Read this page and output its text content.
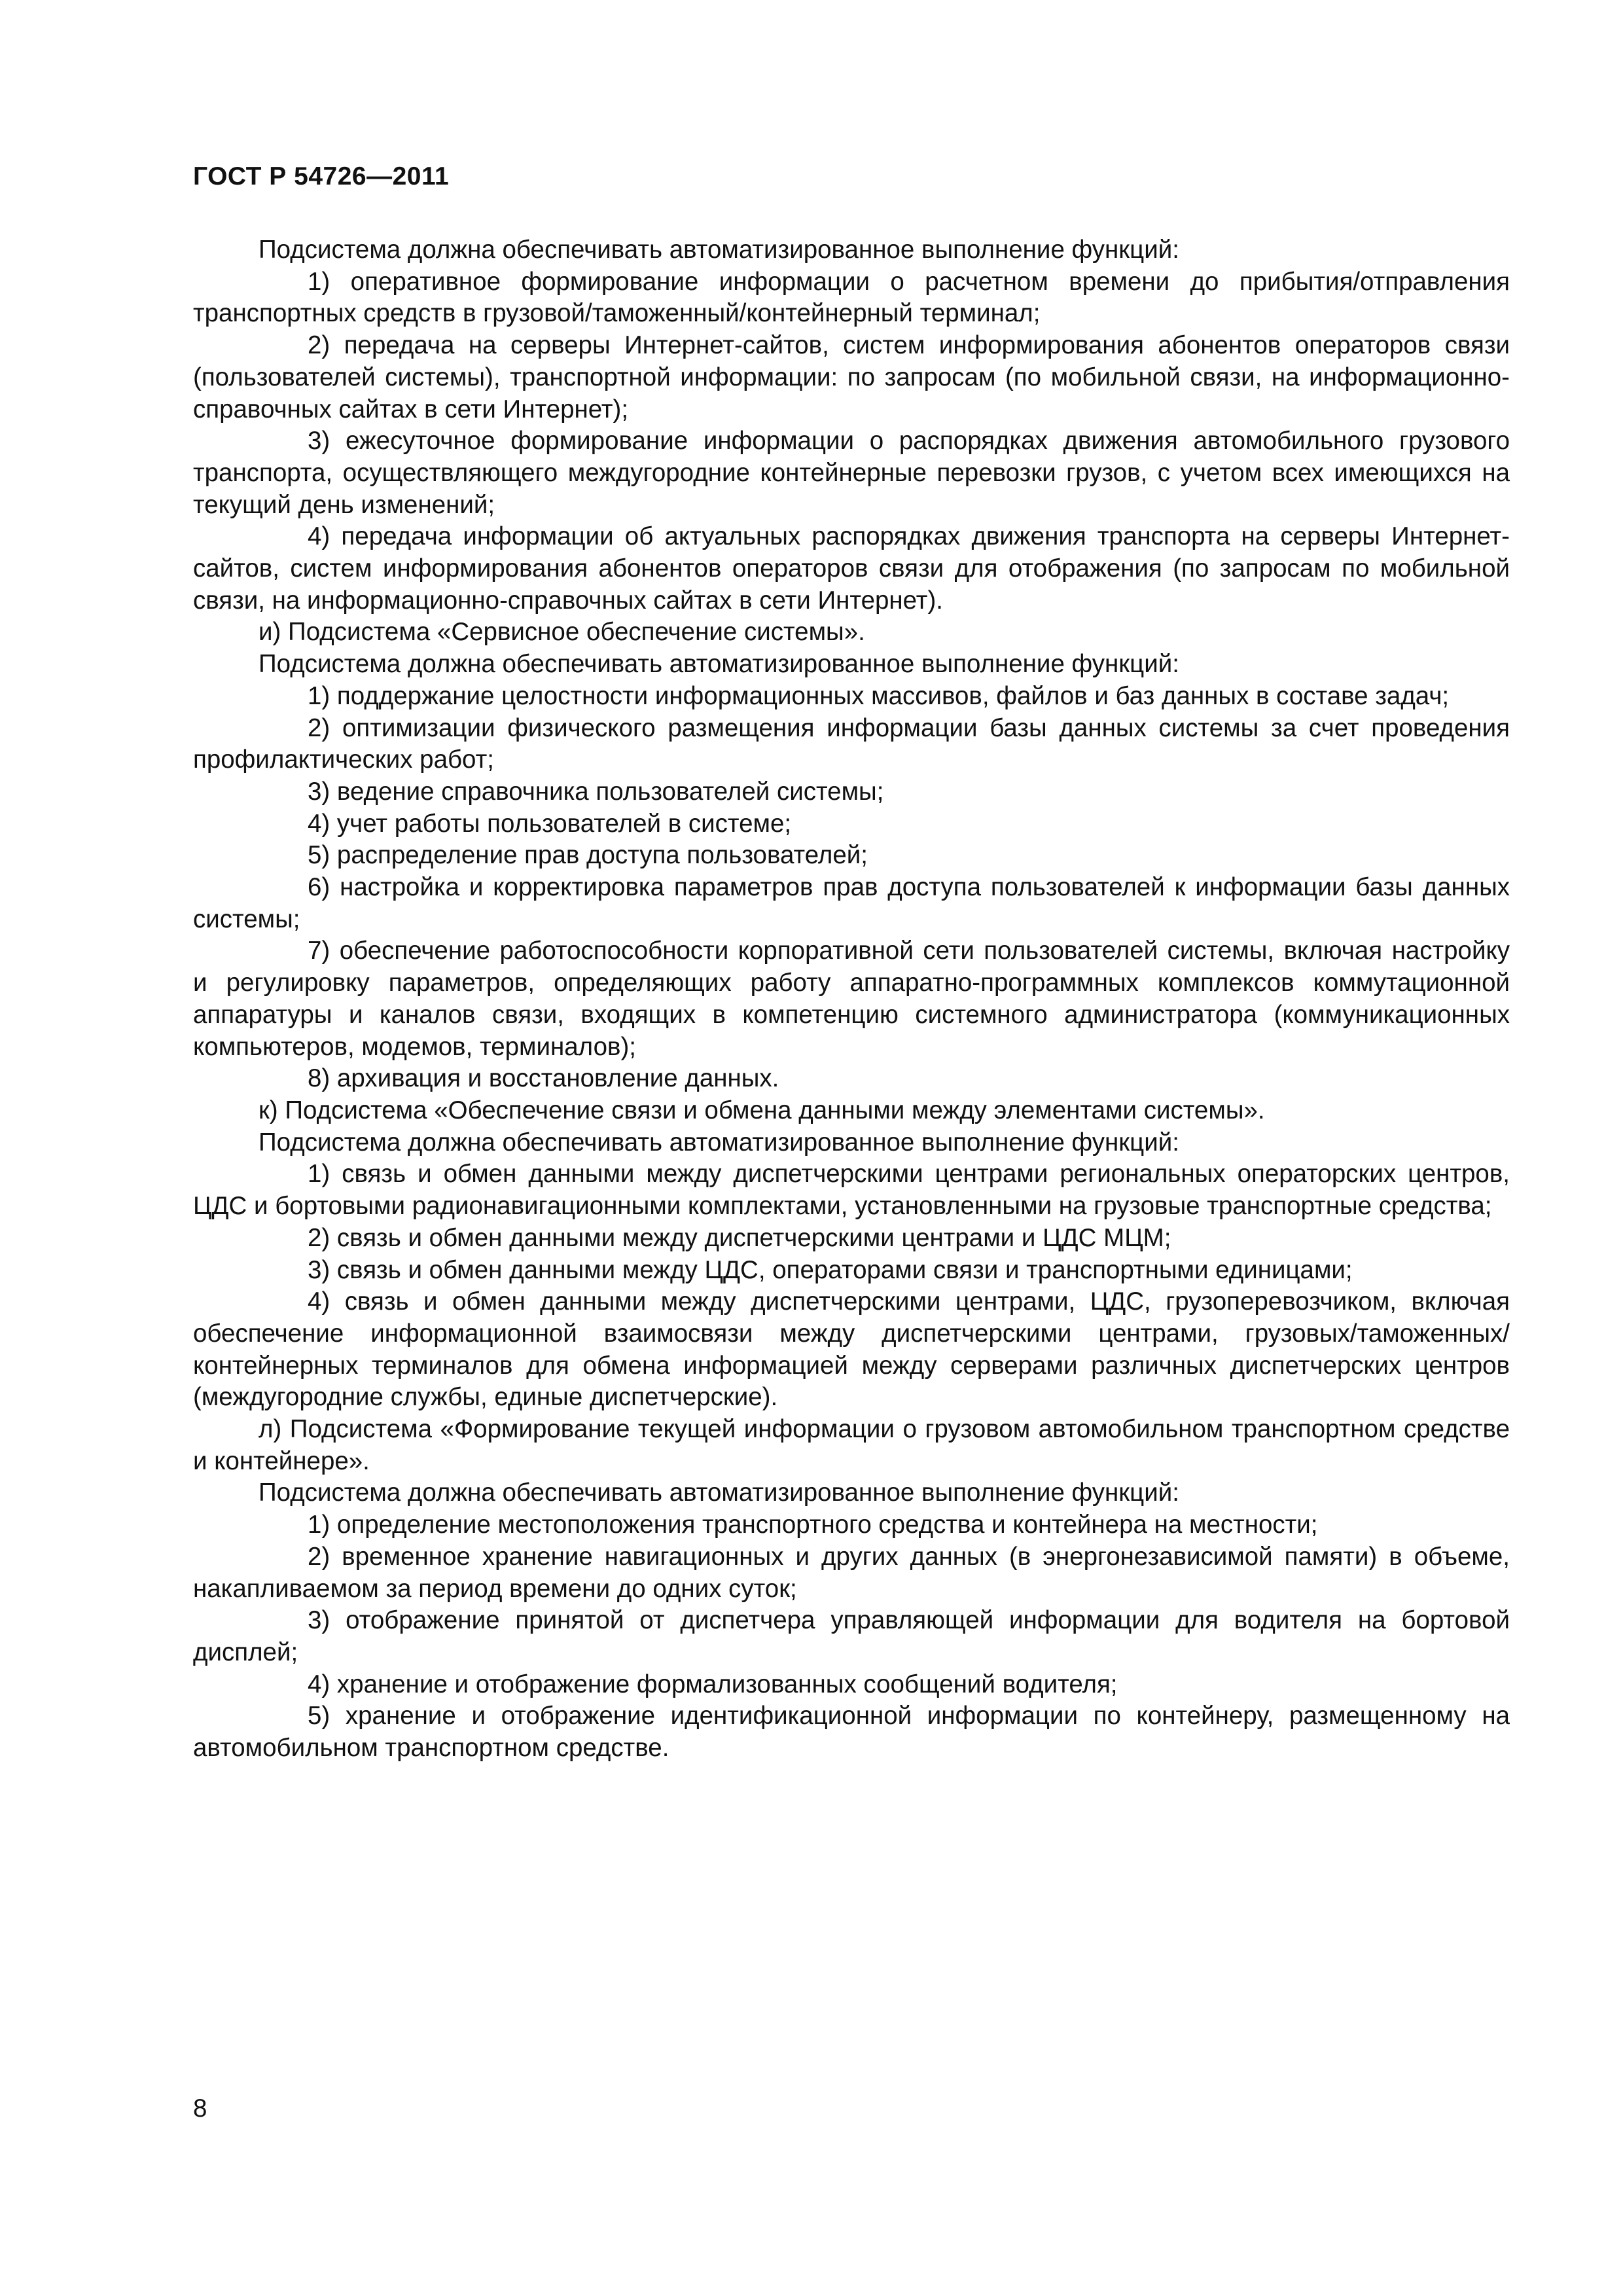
ГОСТ Р 54726—2011

Подсистема должна обеспечивать автоматизированное выполнение функций:

1) оперативное формирование информации о расчетном времени до прибытия/отправления транспортных средств в грузовой/таможенный/контейнерный терминал;

2) передача на серверы Интернет-сайтов, систем информирования абонентов операторов связи (пользователей системы), транспортной информации: по запросам (по мобильной связи, на информационно-справочных сайтах в сети Интернет);

3) ежесуточное формирование информации о распорядках движения автомобильного грузового транспорта, осуществляющего междугородние контейнерные перевозки грузов, с учетом всех имеющихся на текущий день изменений;

4) передача информации об актуальных распорядках движения транспорта на серверы Интернет-сайтов, систем информирования абонентов операторов связи для отображения (по запросам по мобильной связи, на информационно-справочных сайтах в сети Интернет).

и) Подсистема «Сервисное обеспечение системы».

Подсистема должна обеспечивать автоматизированное выполнение функций:

1) поддержание целостности информационных массивов, файлов и баз данных в составе задач;

2) оптимизации физического размещения информации базы данных системы за счет проведения профилактических работ;

3) ведение справочника пользователей системы;

4) учет работы пользователей в системе;

5) распределение прав доступа пользователей;

6) настройка и корректировка параметров прав доступа пользователей к информации базы данных системы;

7) обеспечение работоспособности корпоративной сети пользователей системы, включая настройку и регулировку параметров, определяющих работу аппаратно-программных комплексов коммутационной аппаратуры и каналов связи, входящих в компетенцию системного администратора (коммуникационных компьютеров, модемов, терминалов);

8) архивация и восстановление данных.

к) Подсистема «Обеспечение связи и обмена данными между элементами системы».

Подсистема должна обеспечивать автоматизированное выполнение функций:

1) связь и обмен данными между диспетчерскими центрами региональных операторских центров, ЦДС и бортовыми радионавигационными комплектами, установленными на грузовые транспортные средства;

2) связь и обмен данными между диспетчерскими центрами и ЦДС МЦМ;

3) связь и обмен данными между ЦДС, операторами связи и транспортными единицами;

4) связь и обмен данными между диспетчерскими центрами, ЦДС, грузоперевозчиком, включая обеспечение информационной взаимосвязи между диспетчерскими центрами, грузовых/таможенных/контейнерных терминалов для обмена информацией между серверами различных диспетчерских центров (междугородние службы, единые диспетчерские).

л) Подсистема «Формирование текущей информации о грузовом автомобильном транспортном средстве и контейнере».

Подсистема должна обеспечивать автоматизированное выполнение функций:

1) определение местоположения транспортного средства и контейнера на местности;

2) временное хранение навигационных и других данных (в энергонезависимой памяти) в объеме, накапливаемом за период времени до одних суток;

3) отображение принятой от диспетчера управляющей информации для водителя на бортовой дисплей;

4) хранение и отображение формализованных сообщений водителя;

5) хранение и отображение идентификационной информации по контейнеру, размещенному на автомобильном транспортном средстве.

8
